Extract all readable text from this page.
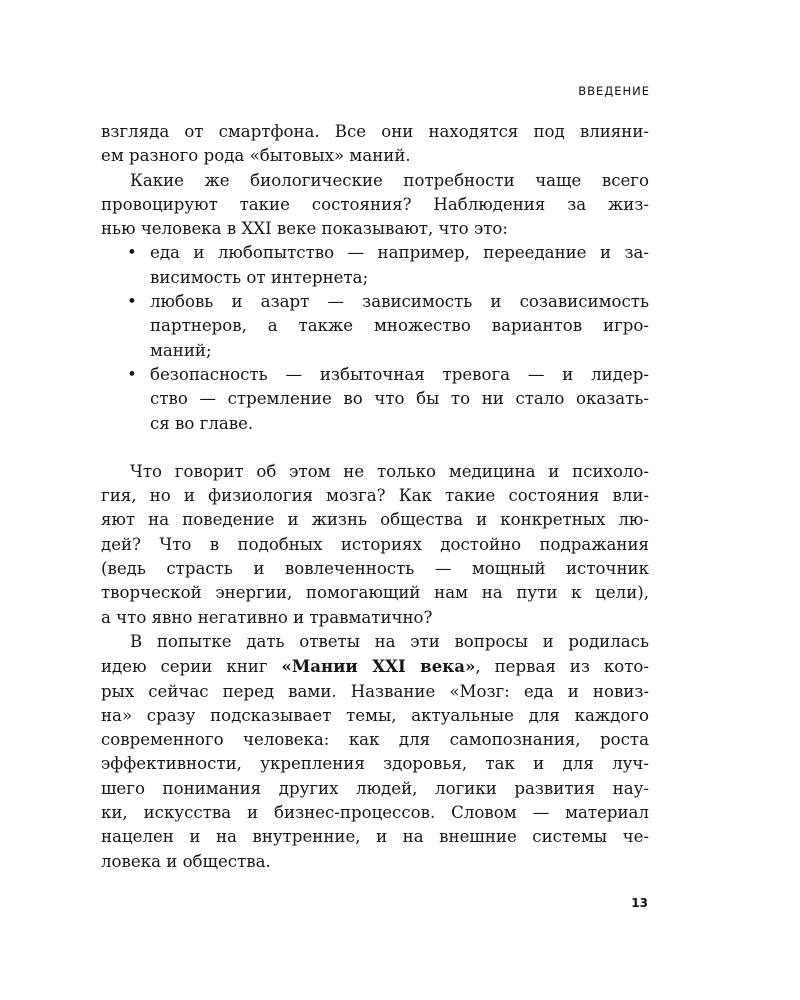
ВВЕДЕНИЕ
взгляда от смартфона. Все они находятся под влияни-
ем разного рода «бытовых» маний.
Какие же биологические потребности чаще всего
провоцируют такие состояния? Наблюдения за жиз-
нью человека в XXI веке показывают, что это:
• еда и любопытство — например, переедание и за-
висимость от интернета;
• любовь и азарт — зависимость и созависимость
партнеров, а также множество вариантов игро-
маний;
• безопасность — избыточная тревога — и лидер-
ство — стремление во что бы то ни стало оказать-
ся во главе.
Что говорит об этом не только медицина и психоло-
гия, но и физиология мозга? Как такие состояния вли-
яют на поведение и жизнь общества и конкретных лю-
дей? Что в подобных историях достойно подражания
(ведь страсть и вовлеченность — мощный источник
творческой энергии, помогающий нам на пути к цели),
а что явно негативно и травматично?
В попытке дать ответы на эти вопросы и родилась
идею серии книг «Мании XXI века», первая из кото-
рых сейчас перед вами. Название «Мозг: еда и новиз-
на» сразу подсказывает темы, актуальные для каждого
современного человека: как для самопознания, роста
эффективности, укрепления здоровья, так и для луч-
шего понимания других людей, логики развития нау-
ки, искусства и бизнес-процессов. Словом — материал
нацелен и на внутренние, и на внешние системы че-
ловека и общества.
13
